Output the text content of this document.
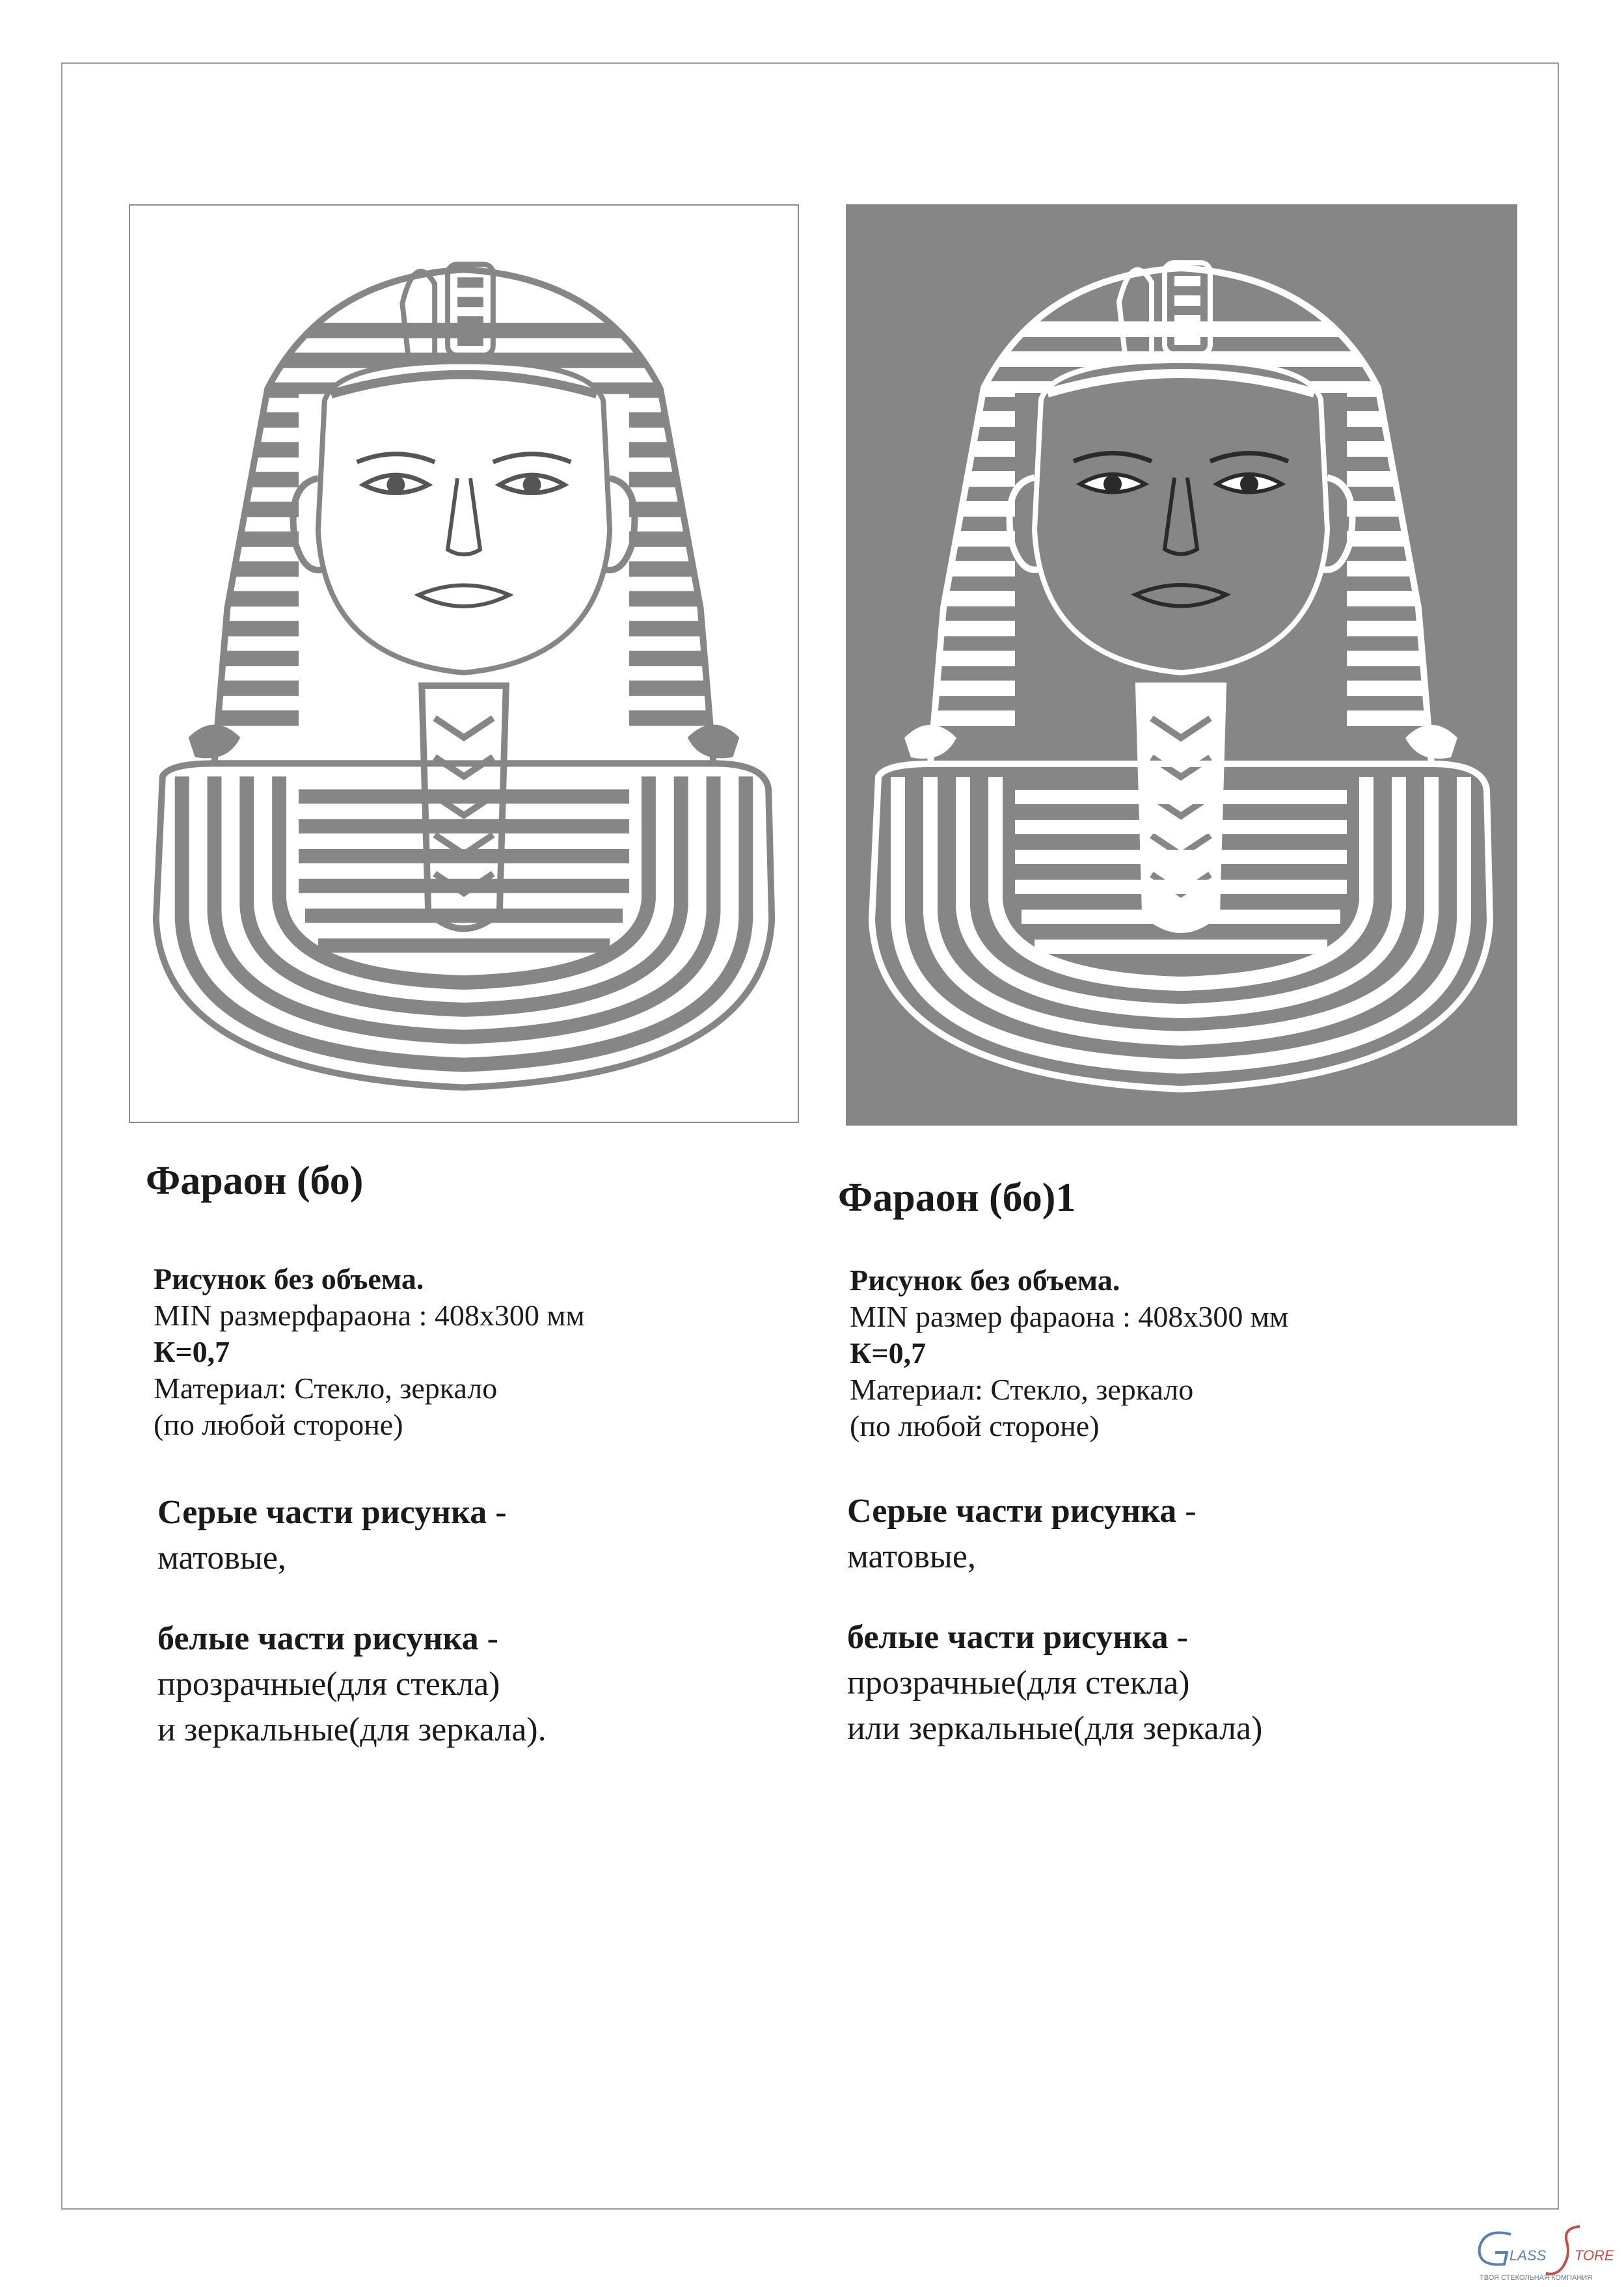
Фараон (бо)
Рисунок без объема.
MIN размерфараона : 408x300 мм
К=0,7
Материал: Стекло, зеркало
(по любой стороне)
Серые части рисунка -
матовые,
белые части рисунка -
прозрачные(для стекла)
и зеркальные(для зеркала).
Фараон (бо)1
Рисунок без объема.
MIN размер фараона : 408x300 мм
К=0,7
Материал: Стекло, зеркало
(по любой стороне)
Серые части рисунка -
матовые,
белые части рисунка -
прозрачные(для стекла)
или зеркальные(для зеркала)
LASS TORE
ТВОЯ СТЕКОЛЬНАЯ КОМПАНИЯ
